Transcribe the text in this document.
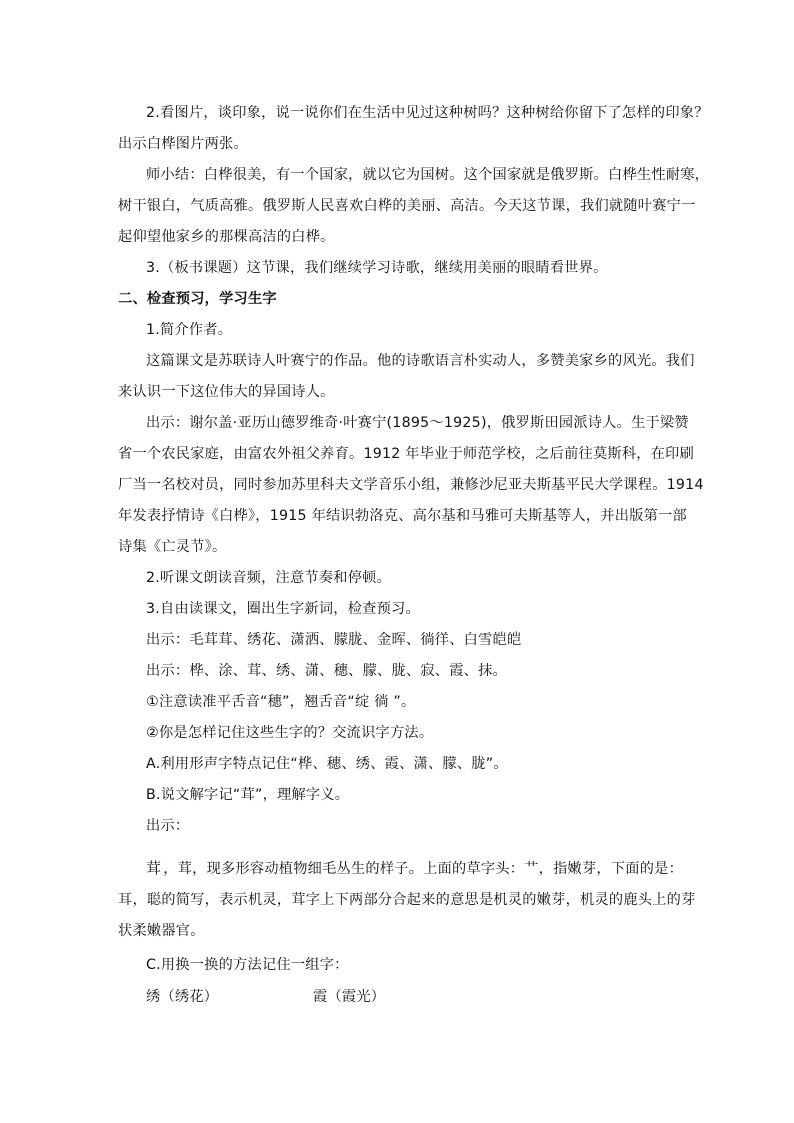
2.看图片，谈印象，说一说你们在生活中见过这种树吗？这种树给你留下了怎样的印象？
出示白桦图片两张。
师小结：白桦很美，有一个国家，就以它为国树。这个国家就是俄罗斯。白桦生性耐寒，
树干银白，气质高雅。俄罗斯人民喜欢白桦的美丽、高洁。今天这节课，我们就随叶赛宁一
起仰望他家乡的那棵高洁的白桦。
3.（板书课题）这节课，我们继续学习诗歌，继续用美丽的眼睛看世界。
二、检查预习，学习生字
1.简介作者。
这篇课文是苏联诗人叶赛宁的作品。他的诗歌语言朴实动人，多赞美家乡的风光。我们
来认识一下这位伟大的异国诗人。
出示：谢尔盖·亚历山德罗维奇·叶赛宁(1895～1925)，俄罗斯田园派诗人。生于梁赞
省一个农民家庭，由富农外祖父养育。1912 年毕业于师范学校，之后前往莫斯科，在印刷
厂当一名校对员，同时参加苏里科夫文学音乐小组，兼修沙尼亚夫斯基平民大学课程。1914
年发表抒情诗《白桦》，1915 年结识勃洛克、高尔基和马雅可夫斯基等人，并出版第一部
诗集《亡灵节》。
2.听课文朗读音频，注意节奏和停顿。
3.自由读课文，圈出生字新词，检查预习。
出示：毛茸茸、绣花、潇洒、朦胧、金晖、徜徉、白雪皑皑
出示：桦、涂、茸、绣、潇、穗、朦、胧、寂、霞、抹。
①注意读准平舌音“穗”，翘舌音“绽 徜 ”。
②你是怎样记住这些生字的？交流识字方法。
A.利用形声字特点记住“桦、穗、绣、霞、潇、朦、胧”。
B.说文解字记“茸”，理解字义。
出示：
茸 ，茸，现多形容动植物细毛丛生的样子。上面的草字头：艹，指嫩芽，下面的是：
耳，聪的简写，表示机灵，茸字上下两部分合起来的意思是机灵的嫩芽，机灵的鹿头上的芽
状柔嫩器官。
C.用换一换的方法记住一组字：
绣（绣花）	霞（霞光）
